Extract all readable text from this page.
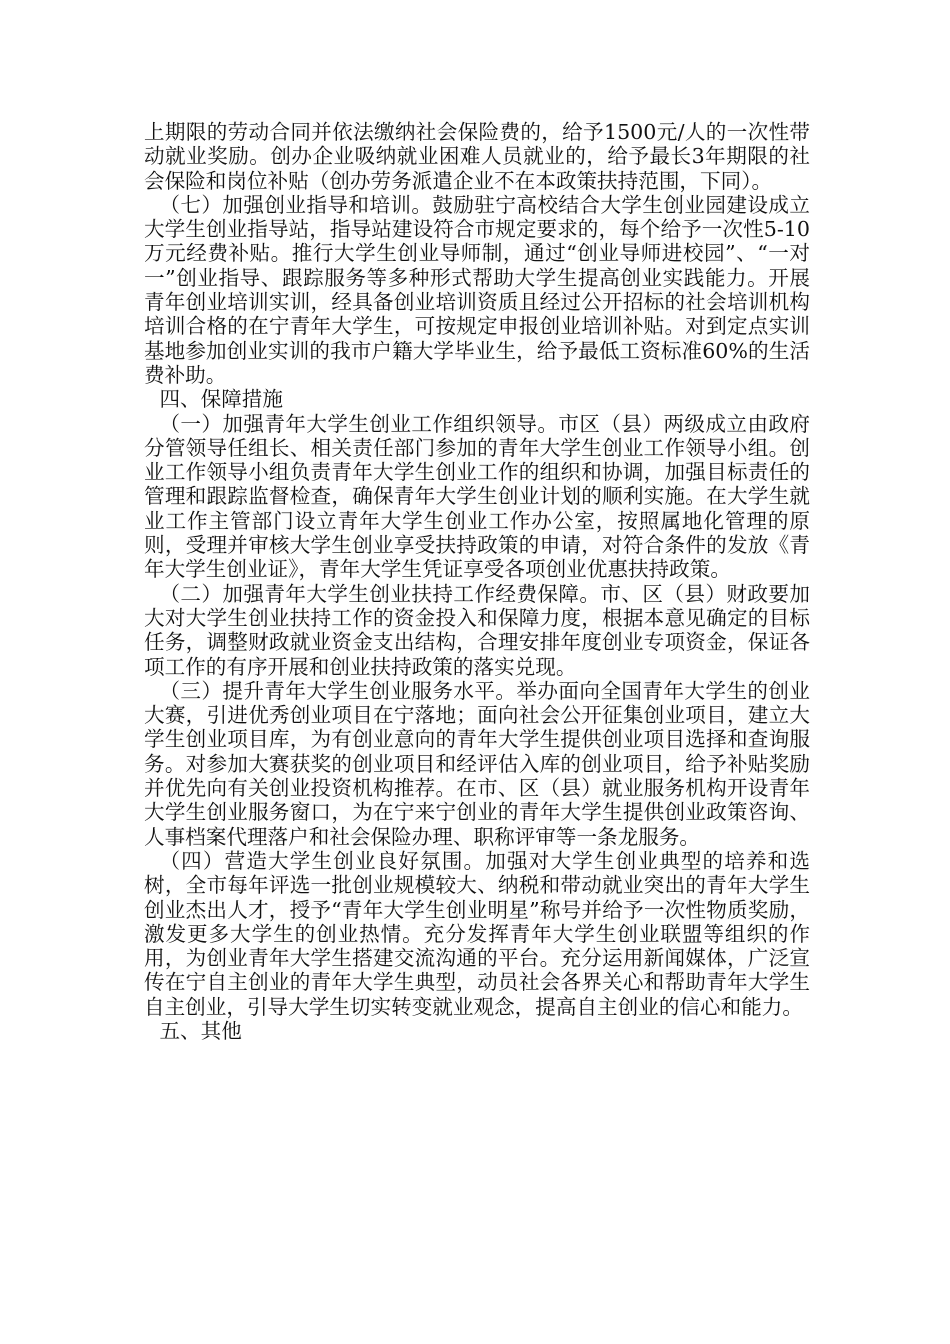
上期限的劳动合同并依法缴纳社会保险费的，给予1500元/人的一次性带动就业奖励。创办企业吸纳就业困难人员就业的，给予最长3年期限的社会保险和岗位补贴（创办劳务派遣企业不在本政策扶持范围，下同）。

（七）加强创业指导和培训。鼓励驻宁高校结合大学生创业园建设成立大学生创业指导站，指导站建设符合市规定要求的，每个给予一次性5-10万元经费补贴。推行大学生创业导师制，通过“创业导师进校园”、“一对一”创业指导、跟踪服务等多种形式帮助大学生提高创业实践能力。开展青年创业培训实训，经具备创业培训资质且经过公开招标的社会培训机构培训合格的在宁青年大学生，可按规定申报创业培训补贴。对到定点实训基地参加创业实训的我市户籍大学毕业生，给予最低工资标准60%的生活费补助。

四、保障措施

（一）加强青年大学生创业工作组织领导。市区（县）两级成立由政府分管领导任组长、相关责任部门参加的青年大学生创业工作领导小组。创业工作领导小组负责青年大学生创业工作的组织和协调，加强目标责任的管理和跟踪监督检查，确保青年大学生创业计划的顺利实施。在大学生就业工作主管部门设立青年大学生创业工作办公室，按照属地化管理的原则，受理并审核大学生创业享受扶持政策的申请，对符合条件的发放《青年大学生创业证》，青年大学生凭证享受各项创业优惠扶持政策。

（二）加强青年大学生创业扶持工作经费保障。市、区（县）财政要加大对大学生创业扶持工作的资金投入和保障力度，根据本意见确定的目标任务，调整财政就业资金支出结构，合理安排年度创业专项资金，保证各项工作的有序开展和创业扶持政策的落实兑现。

（三）提升青年大学生创业服务水平。举办面向全国青年大学生的创业大赛，引进优秀创业项目在宁落地；面向社会公开征集创业项目，建立大学生创业项目库，为有创业意向的青年大学生提供创业项目选择和查询服务。对参加大赛获奖的创业项目和经评估入库的创业项目，给予补贴奖励并优先向有关创业投资机构推荐。在市、区（县）就业服务机构开设青年大学生创业服务窗口，为在宁来宁创业的青年大学生提供创业政策咨询、人事档案代理落户和社会保险办理、职称评审等一条龙服务。

（四）营造大学生创业良好氛围。加强对大学生创业典型的培养和选树，全市每年评选一批创业规模较大、纳税和带动就业突出的青年大学生创业杰出人才，授予“青年大学生创业明星”称号并给予一次性物质奖励，激发更多大学生的创业热情。充分发挥青年大学生创业联盟等组织的作用，为创业青年大学生搭建交流沟通的平台。充分运用新闻媒体，广泛宣传在宁自主创业的青年大学生典型，动员社会各界关心和帮助青年大学生自主创业，引导大学生切实转变就业观念，提高自主创业的信心和能力。

五、其他
